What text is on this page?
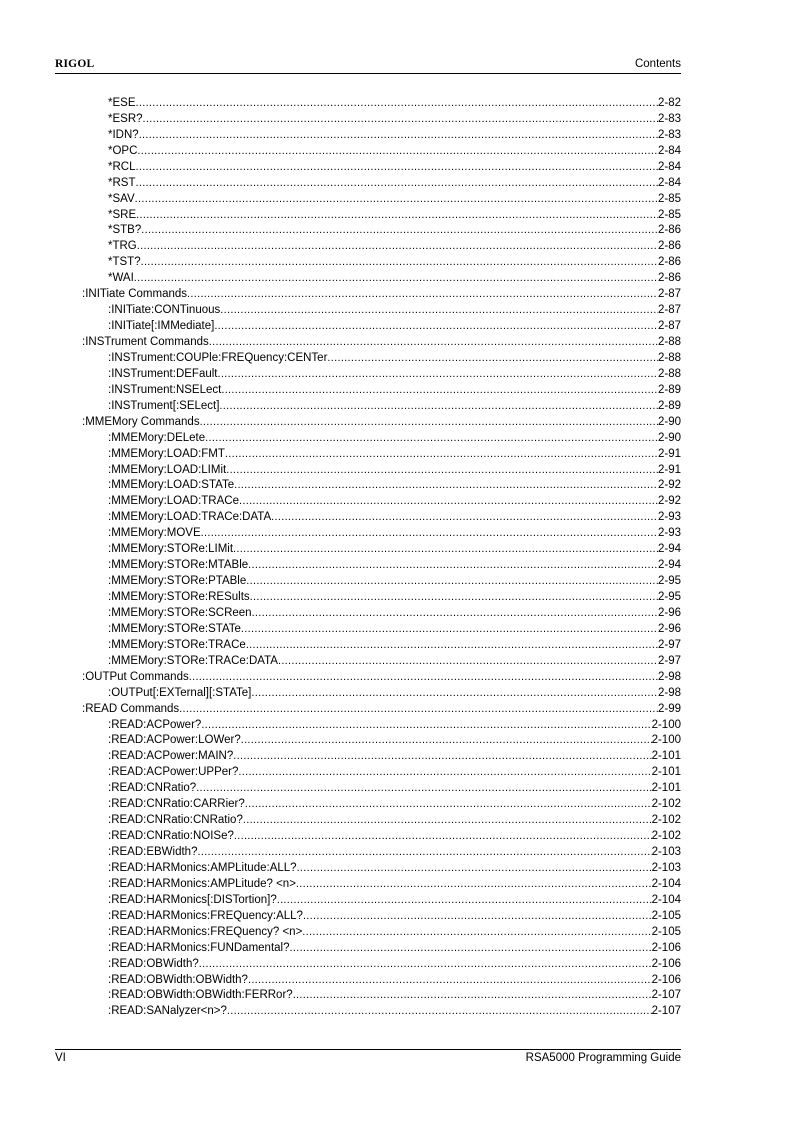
RIGOL	Contents
*ESE .....	2-82
*ESR? .....	2-83
*IDN? .....	2-83
*OPC .....	2-84
*RCL .....	2-84
*RST .....	2-84
*SAV .....	2-85
*SRE .....	2-85
*STB? .....	2-86
*TRG .....	2-86
*TST? .....	2-86
*WAI .....	2-86
:INITiate Commands .....	2-87
:INITiate:CONTinuous .....	2-87
:INITiate[:IMMediate] .....	2-87
:INSTrument Commands .....	2-88
:INSTrument:COUPle:FREQuency:CENTer .....	2-88
:INSTrument:DEFault .....	2-88
:INSTrument:NSELect .....	2-89
:INSTrument[:SELect] .....	2-89
:MMEMory Commands .....	2-90
:MMEMory:DELete .....	2-90
:MMEMory:LOAD:FMT .....	2-91
:MMEMory:LOAD:LIMit .....	2-91
:MMEMory:LOAD:STATe .....	2-92
:MMEMory:LOAD:TRACe .....	2-92
:MMEMory:LOAD:TRACe:DATA .....	2-93
:MMEMory:MOVE .....	2-93
:MMEMory:STORe:LIMit .....	2-94
:MMEMory:STORe:MTABle .....	2-94
:MMEMory:STORe:PTABle .....	2-95
:MMEMory:STORe:RESults .....	2-95
:MMEMory:STORe:SCReen .....	2-96
:MMEMory:STORe:STATe .....	2-96
:MMEMory:STORe:TRACe .....	2-97
:MMEMory:STORe:TRACe:DATA .....	2-97
:OUTPut Commands .....	2-98
:OUTPut[:EXTernal][:STATe] .....	2-98
:READ Commands .....	2-99
:READ:ACPower? .....	2-100
:READ:ACPower:LOWer? .....	2-100
:READ:ACPower:MAIN? .....	2-101
:READ:ACPower:UPPer? .....	2-101
:READ:CNRatio? .....	2-101
:READ:CNRatio:CARRier? .....	2-102
:READ:CNRatio:CNRatio? .....	2-102
:READ:CNRatio:NOISe? .....	2-102
:READ:EBWidth? .....	2-103
:READ:HARMonics:AMPLitude:ALL? .....	2-103
:READ:HARMonics:AMPLitude? <n> .....	2-104
:READ:HARMonics[:DISTortion]? .....	2-104
:READ:HARMonics:FREQuency:ALL? .....	2-105
:READ:HARMonics:FREQuency? <n> .....	2-105
:READ:HARMonics:FUNDamental? .....	2-106
:READ:OBWidth? .....	2-106
:READ:OBWidth:OBWidth? .....	2-106
:READ:OBWidth:OBWidth:FERRor? .....	2-107
:READ:SANalyzer<n>? .....	2-107
VI	RSA5000 Programming Guide
